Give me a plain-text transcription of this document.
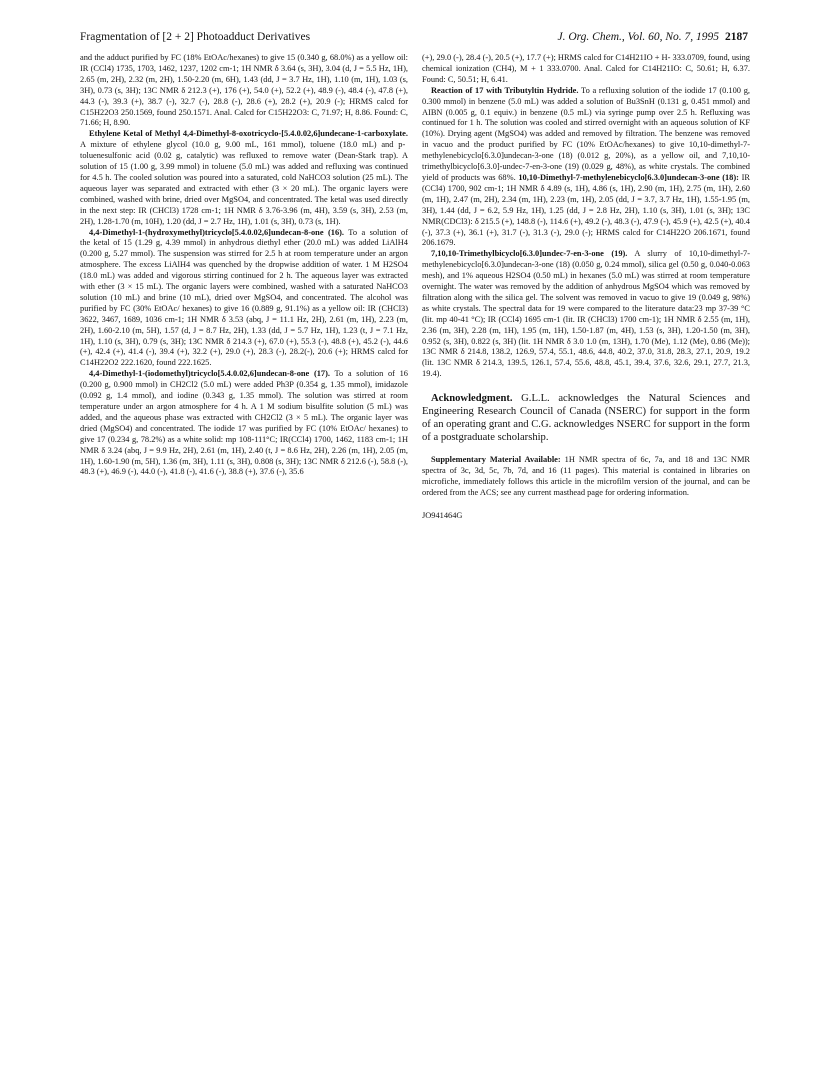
Fragmentation of [2 + 2] Photoadduct Derivatives	J. Org. Chem., Vol. 60, No. 7, 1995 2187

and the adduct purified by FC (18% EtOAc/hexanes) to give 15 (0.340 g, 68.0%) as a yellow oil: IR (CCl4) 1735, 1703, 1462, 1237, 1202 cm-1; 1H NMR δ 3.64 (s, 3H), 3.04 (d, J = 5.5 Hz, 1H), 2.65 (m, 2H), 2.32 (m, 2H), 1.50-2.20 (m, 6H), 1.43 (dd, J = 3.7 Hz, 1H), 1.10 (m, 1H), 1.03 (s, 3H), 0.73 (s, 3H); 13C NMR δ 212.3 (+), 176 (+), 54.0 (+), 52.2 (+), 48.9 (-), 48.4 (-), 47.8 (+), 44.3 (-), 39.3 (+), 38.7 (-), 32.7 (-), 28.8 (-), 28.6 (+), 28.2 (+), 20.9 (-); HRMS calcd for C15H22O3 250.1569, found 250.1571. Anal. Calcd for C15H22O3: C, 71.97; H, 8.86. Found: C, 71.66; H, 8.90.

Ethylene Ketal of Methyl 4,4-Dimethyl-8-oxotricyclo-[5.4.0.02,6]undecane-1-carboxylate. A mixture of ethylene glycol (10.0 g, 9.00 mL, 161 mmol), toluene (18.0 mL) and p-toluenesulfonic acid (0.02 g, catalytic) was refluxed to remove water (Dean-Stark trap). A solution of 15 (1.00 g, 3.99 mmol) in toluene (5.0 mL) was added and refluxing was continued for 4.5 h. The cooled solution was poured into a saturated, cold NaHCO3 solution (25 mL). The aqueous layer was separated and extracted with ether (3 × 20 mL). The organic layers were combined, washed with brine, dried over MgSO4, and concentrated. The ketal was used directly in the next step: IR (CHCl3) 1728 cm-1; 1H NMR δ 3.76-3.96 (m, 4H), 3.59 (s, 3H), 2.53 (m, 2H), 1.28-1.70 (m, 10H), 1.20 (dd, J = 2.7 Hz, 1H), 1.01 (s, 3H), 0.73 (s, 1H).

4,4-Dimethyl-1-(hydroxymethyl)tricyclo[5.4.0.02,6]undecan-8-one (16). To a solution of the ketal of 15 (1.29 g, 4.39 mmol) in anhydrous diethyl ether (20.0 mL) was added LiAlH4 (0.200 g, 5.27 mmol). The suspension was stirred for 2.5 h at room temperature under an argon atmosphere. The excess LiAlH4 was quenched by the dropwise addition of water. 1 M H2SO4 (18.0 mL) was added and vigorous stirring continued for 2 h. The aqueous layer was extracted with ether (3 × 15 mL). The organic layers were combined, washed with a saturated NaHCO3 solution (10 mL) and brine (10 mL), dried over MgSO4, and concentrated. The alcohol was purified by FC (30% EtOAc/ hexanes) to give 16 (0.889 g, 91.1%) as a yellow oil: IR (CHCl3) 3622, 3467, 1689, 1036 cm-1; 1H NMR δ 3.53 (abq, J = 11.1 Hz, 2H), 2.61 (m, 1H), 2.23 (m, 2H), 1.60-2.10 (m, 5H), 1.57 (d, J = 8.7 Hz, 2H), 1.33 (dd, J = 5.7 Hz, 1H), 1.23 (t, J = 7.1 Hz, 1H), 1.10 (s, 3H), 0.79 (s, 3H); 13C NMR δ 214.3 (+), 67.0 (+), 55.3 (-), 48.8 (+), 45.2 (-), 44.6 (+), 42.4 (+), 41.4 (-), 39.4 (+), 32.2 (+), 29.0 (+), 28.3 (-), 28.2(-), 20.6 (+); HRMS calcd for C14H22O2 222.1620, found 222.1625.

4,4-Dimethyl-1-(iodomethyl)tricyclo[5.4.0.02,6]undecan-8-one (17). To a solution of 16 (0.200 g, 0.900 mmol) in CH2Cl2 (5.0 mL) were added Ph3P (0.354 g, 1.35 mmol), imidazole (0.092 g, 1.4 mmol), and iodine (0.343 g, 1.35 mmol). The solution was stirred at room temperature under an argon atmosphere for 4 h. A 1 M sodium bisulfite solution (5 mL) was added, and the aqueous phase was extracted with CH2Cl2 (3 × 5 mL). The organic layer was dried (MgSO4) and concentrated. The iodide 17 was purified by FC (10% EtOAc/ hexanes) to give 17 (0.234 g, 78.2%) as a white solid: mp 108-111°C; IR(CCl4) 1700, 1462, 1183 cm-1; 1H NMR δ 3.24 (abq, J = 9.9 Hz, 2H), 2.61 (m, 1H), 2.40 (t, J = 8.6 Hz, 2H), 2.26 (m, 1H), 2.05 (m, 1H), 1.60-1.90 (m, 5H), 1.36 (m, 3H), 1.11 (s, 3H), 0.808 (s, 3H); 13C NMR δ 212.6 (-), 58.8 (-), 48.3 (+), 46.9 (-), 44.0 (-), 41.8 (-), 41.6 (-), 38.8 (+), 37.6 (-), 35.6

(+), 29.0 (-), 28.4 (-), 20.5 (+), 17.7 (+); HRMS calcd for C14H21IO + H- 333.0709, found, using chemical ionization (CH4), M + 1 333.0700. Anal. Calcd for C14H21IO: C, 50.61; H, 6.37. Found: C, 50.51; H, 6.41.

Reaction of 17 with Tributyltin Hydride. To a refluxing solution of the iodide 17 (0.100 g, 0.300 mmol) in benzene (5.0 mL) was added a solution of Bu3SnH (0.131 g, 0.451 mmol) and AIBN (0.005 g, 0.1 equiv.) in benzene (0.5 mL) via syringe pump over 2.5 h. Refluxing was continued for 1 h. The solution was cooled and stirred overnight with an aqueous solution of KF (10%). Drying agent (MgSO4) was added and removed by filtration. The benzene was removed in vacuo and the product purified by FC (10% EtOAc/hexanes) to give 10,10-dimethyl-7-methylenebicyclo[6.3.0]undecan-3-one (18) (0.012 g, 20%), as a yellow oil, and 7,10,10-trimethylbicyclo[6.3.0]-undec-7-en-3-one (19) (0.029 g, 48%), as white crystals. The combined yield of products was 68%. 10,10-Dimethyl-7-methylenebicyclo[6.3.0]undecan-3-one (18): IR (CCl4) 1700, 902 cm-1; 1H NMR δ 4.89 (s, 1H), 4.86 (s, 1H), 2.90 (m, 1H), 2.75 (m, 1H), 2.60 (m, 1H), 2.47 (m, 2H), 2.34 (m, 1H), 2.23 (m, 1H), 2.05 (dd, J = 3.7, 3.7 Hz, 1H), 1.55-1.95 (m, 3H), 1.44 (dd, J = 6.2, 5.9 Hz, 1H), 1.25 (dd, J = 2.8 Hz, 2H), 1.10 (s, 3H), 1.01 (s, 3H); 13C NMR(CDCl3): δ 215.5 (+), 148.8 (-), 114.6 (+), 49.2 (-), 48.3 (-), 47.9 (-), 45.9 (+), 42.5 (+), 40.4 (-), 37.3 (+), 36.1 (+), 31.7 (-), 31.3 (-), 29.0 (-); HRMS calcd for C14H22O 206.1671, found 206.1679.

7,10,10-Trimethylbicyclo[6.3.0]undec-7-en-3-one (19). A slurry of 10,10-dimethyl-7-methylenebicyclo[6.3.0]undecan-3-one (18) (0.050 g, 0.24 mmol), silica gel (0.50 g, 0.040-0.063 mesh), and 1% aqueous H2SO4 (0.50 mL) in hexanes (5.0 mL) was stirred at room temperature overnight. The water was removed by the addition of anhydrous MgSO4 which was removed by filtration along with the silica gel. The solvent was removed in vacuo to give 19 (0.049 g, 98%) as white crystals. The spectral data for 19 were compared to the literature data:23 mp 37-39 °C (lit. mp 40-41 °C); IR (CCl4) 1695 cm-1 (lit. IR (CHCl3) 1700 cm-1); 1H NMR δ 2.55 (m, 1H), 2.36 (m, 3H), 2.28 (m, 1H), 1.95 (m, 1H), 1.50-1.87 (m, 4H), 1.53 (s, 3H), 1.20-1.50 (m, 3H), 0.952 (s, 3H), 0.822 (s, 3H) (lit. 1H NMR δ 3.0 1.0 (m, 13H), 1.70 (Me), 1.12 (Me), 0.86 (Me)); 13C NMR δ 214.8, 138.2, 126.9, 57.4, 55.1, 48.6, 44.8, 40.2, 37.0, 31.8, 28.3, 27.1, 20.9, 19.2 (lit. 13C NMR δ 214.3, 139.5, 126.1, 57.4, 55.6, 48.8, 45.1, 39.4, 37.6, 32.6, 29.1, 27.7, 21.3, 19.4).

Acknowledgment. G.L.L. acknowledges the Natural Sciences and Engineering Research Council of Canada (NSERC) for support in the form of an operating grant and C.G. acknowledges NSERC for support in the form of a postgraduate scholarship.

Supplementary Material Available: 1H NMR spectra of 6c, 7a, and 18 and 13C NMR spectra of 3c, 3d, 5c, 7b, 7d, and 16 (11 pages). This material is contained in libraries on microfiche, immediately follows this article in the microfilm version of the journal, and can be ordered from the ACS; see any current masthead page for ordering information.

JO941464G
